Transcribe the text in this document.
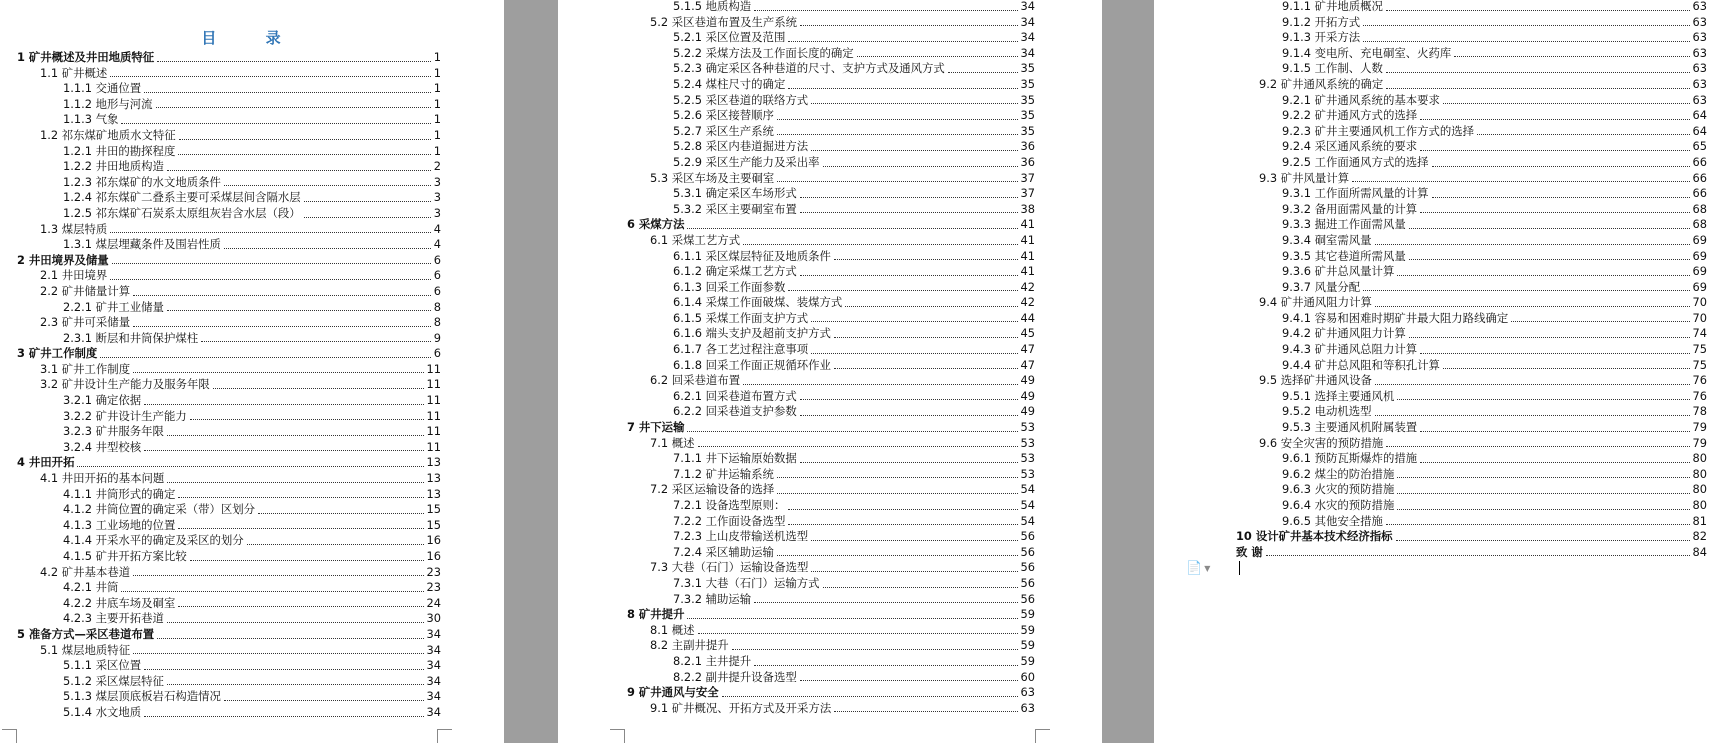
目 录
1 矿井概述及井田地质特征	1
1.1 矿井概述	1
1.1.1 交通位置	1
1.1.2 地形与河流	1
1.1.3 气象	1
1.2 祁东煤矿地质水文特征	1
1.2.1 井田的勘探程度	1
1.2.2 井田地质构造	2
1.2.3 祁东煤矿的水文地质条件	3
1.2.4 祁东煤矿二叠系主要可采煤层间含隔水层	3
1.2.5 祁东煤矿石炭系太原组灰岩含水层（段）	3
1.3 煤层特质	4
1.3.1 煤层埋藏条件及围岩性质	4
2 井田境界及储量	6
2.1 井田境界	6
2.2 矿井储量计算	6
2.2.1 矿井工业储量	8
2.3 矿井可采储量	8
2.3.1 断层和井筒保护煤柱	9
3 矿井工作制度	6
3.1 矿井工作制度	11
3.2 矿井设计生产能力及服务年限	11
3.2.1 确定依据	11
3.2.2 矿井设计生产能力	11
3.2.3 矿井服务年限	11
3.2.4 井型校核	11
4 井田开拓	13
4.1 井田开拓的基本问题	13
4.1.1 井筒形式的确定	13
4.1.2 井筒位置的确定采（带）区划分	15
4.1.3 工业场地的位置	15
4.1.4 开采水平的确定及采区的划分	16
4.1.5 矿井开拓方案比较	16
4.2 矿井基本巷道	23
4.2.1 井筒	23
4.2.2 井底车场及硐室	24
4.2.3 主要开拓巷道	30
5 准备方式—采区巷道布置	34
5.1 煤层地质特征	34
5.1.1 采区位置	34
5.1.2 采区煤层特征	34
5.1.3 煤层顶底板岩石构造情况	34
5.1.4 水文地质	34
5.1.5 地质构造	34
5.2 采区巷道布置及生产系统	34
5.2.1 采区位置及范围	34
5.2.2 采煤方法及工作面长度的确定	34
5.2.3 确定采区各种巷道的尺寸、支护方式及通风方式	35
5.2.4 煤柱尺寸的确定	35
5.2.5 采区巷道的联络方式	35
5.2.6 采区接替顺序	35
5.2.7 采区生产系统	35
5.2.8 采区内巷道掘进方法	36
5.2.9 采区生产能力及采出率	36
5.3 采区车场及主要硐室	37
5.3.1 确定采区车场形式	37
5.3.2 采区主要硐室布置	38
6 采煤方法	41
6.1 采煤工艺方式	41
6.1.1 采区煤层特征及地质条件	41
6.1.2 确定采煤工艺方式	41
6.1.3 回采工作面参数	42
6.1.4 采煤工作面破煤、装煤方式	42
6.1.5 采煤工作面支护方式	44
6.1.6 端头支护及超前支护方式	45
6.1.7 各工艺过程注意事项	47
6.1.8 回采工作面正规循环作业	47
6.2 回采巷道布置	49
6.2.1 回采巷道布置方式	49
6.2.2 回采巷道支护参数	49
7 井下运输	53
7.1 概述	53
7.1.1 井下运输原始数据	53
7.1.2 矿井运输系统	53
7.2 采区运输设备的选择	54
7.2.1 设备选型原则：	54
7.2.2 工作面设备选型	54
7.2.3 上山皮带输送机选型	56
7.2.4 采区辅助运输	56
7.3 大巷（石门）运输设备选型	56
7.3.1 大巷（石门）运输方式	56
7.3.2 辅助运输	56
8 矿井提升	59
8.1 概述	59
8.2 主副井提升	59
8.2.1 主井提升	59
8.2.2 副井提升设备选型	60
9 矿井通风与安全	63
9.1 矿井概况、开拓方式及开采方法	63
9.1.1 矿井地质概况	63
9.1.2 开拓方式	63
9.1.3 开采方法	63
9.1.4 变电所、充电硐室、火药库	63
9.1.5 工作制、人数	63
9.2 矿井通风系统的确定	63
9.2.1 矿井通风系统的基本要求	63
9.2.2 矿井通风方式的选择	64
9.2.3 矿井主要通风机工作方式的选择	64
9.2.4 采区通风系统的要求	65
9.2.5 工作面通风方式的选择	66
9.3 矿井风量计算	66
9.3.1 工作面所需风量的计算	66
9.3.2 备用面需风量的计算	68
9.3.3 掘进工作面需风量	68
9.3.4 硐室需风量	69
9.3.5 其它巷道所需风量	69
9.3.6 矿井总风量计算	69
9.3.7 风量分配	69
9.4 矿井通风阻力计算	70
9.4.1 容易和困难时期矿井最大阻力路线确定	70
9.4.2 矿井通风阻力计算	74
9.4.3 矿井通风总阻力计算	75
9.4.4 矿井总风阻和等积孔计算	75
9.5 选择矿井通风设备	76
9.5.1 选择主要通风机	76
9.5.2 电动机选型	78
9.5.3 主要通风机附属装置	79
9.6 安全灾害的预防措施	79
9.6.1 预防瓦斯爆炸的措施	80
9.6.2 煤尘的防治措施	80
9.6.3 火灾的预防措施	80
9.6.4 水灾的预防措施	80
9.6.5 其他安全措施	81
10 设计矿井基本技术经济指标	82
致 谢	84
📄 ▼
